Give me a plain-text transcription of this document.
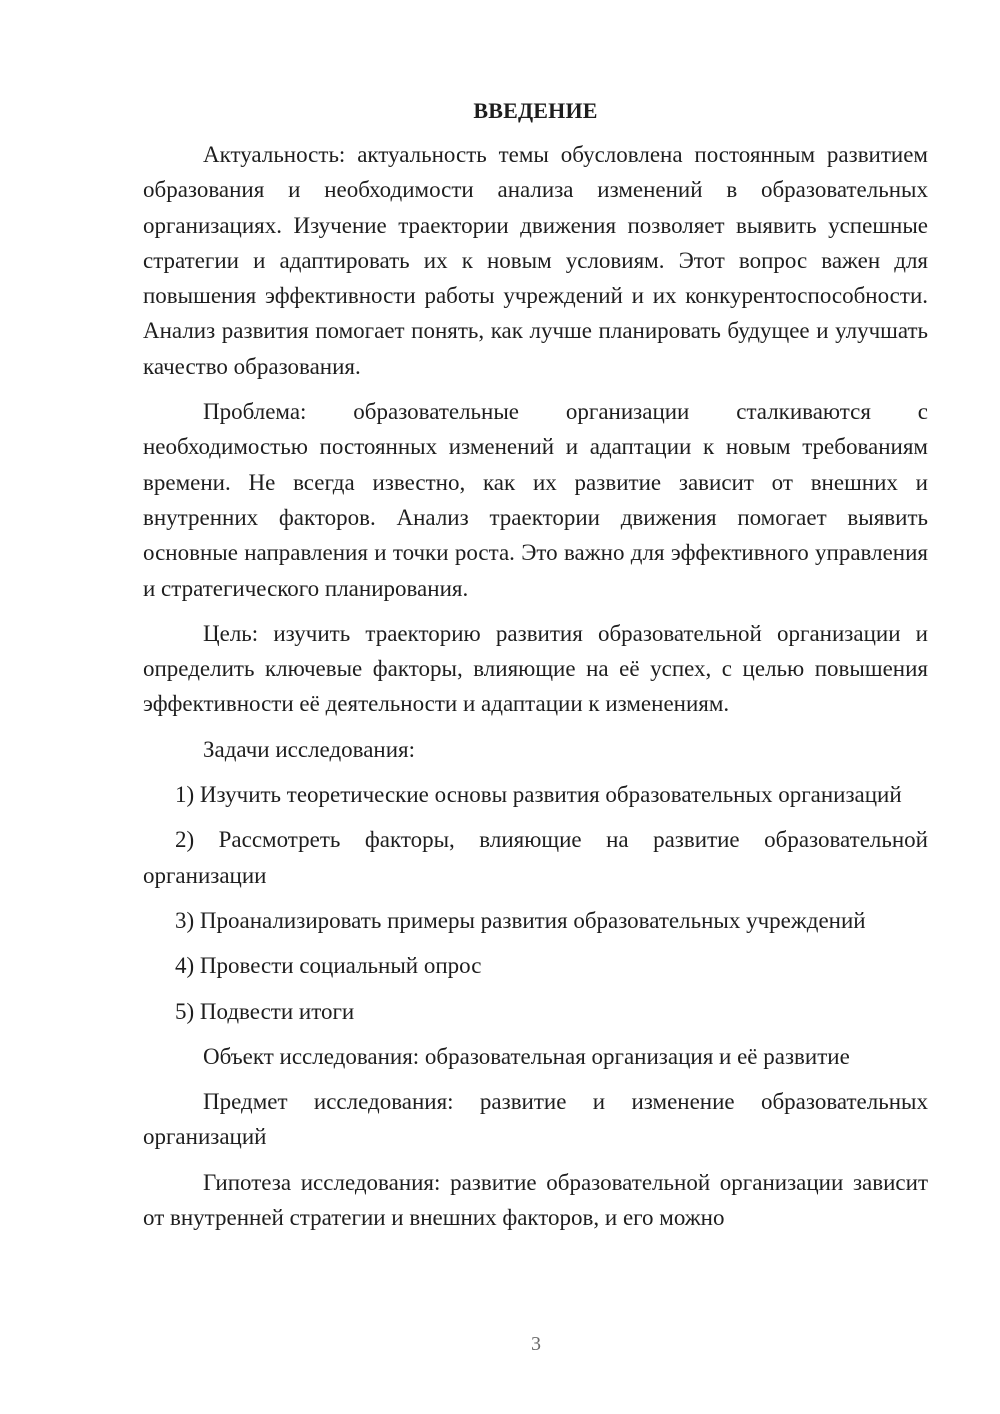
ВВЕДЕНИЕ

Актуальность: актуальность темы обусловлена постоянным развитием образования и необходимости анализа изменений в образовательных организациях. Изучение траектории движения позволяет выявить успешные стратегии и адаптировать их к новым условиям. Этот вопрос важен для повышения эффективности работы учреждений и их конкурентоспособности. Анализ развития помогает понять, как лучше планировать будущее и улучшать качество образования.

Проблема: образовательные организации сталкиваются с необходимостью постоянных изменений и адаптации к новым требованиям времени. Не всегда известно, как их развитие зависит от внешних и внутренних факторов. Анализ траектории движения помогает выявить основные направления и точки роста. Это важно для эффективного управления и стратегического планирования.

Цель: изучить траекторию развития образовательной организации и определить ключевые факторы, влияющие на её успех, с целью повышения эффективности её деятельности и адаптации к изменениям.

Задачи исследования:

1) Изучить теоретические основы развития образовательных организаций

2) Рассмотреть факторы, влияющие на развитие образовательной организации

3) Проанализировать примеры развития образовательных учреждений

4) Провести социальный опрос

5) Подвести итоги

Объект исследования: образовательная организация и её развитие

Предмет исследования: развитие и изменение образовательных организаций

Гипотеза исследования: развитие образовательной организации зависит от внутренней стратегии и внешних факторов, и его можно

3
